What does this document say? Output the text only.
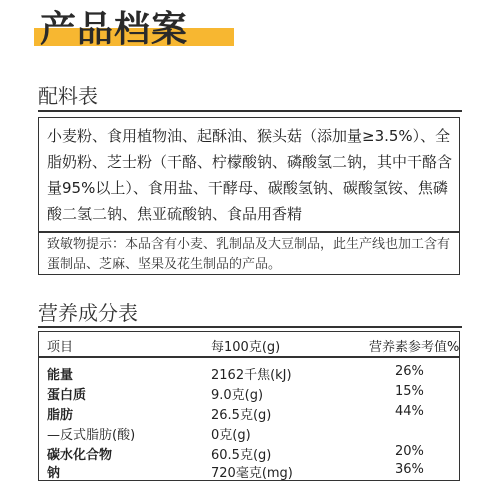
产品档案
配料表
小麦粉、食用植物油、起酥油、猴头菇（添加量≥3.5%）、全脂奶粉、芝士粉（干酪、柠檬酸钠、磷酸氢二钠，其中干酪含量95%以上）、食用盐、干酵母、碳酸氢钠、碳酸氢铵、焦磷酸二氢二钠、焦亚硫酸钠、食品用香精
致敏物提示：本品含有小麦、乳制品及大豆制品，此生产线也加工含有蛋制品、芝麻、坚果及花生制品的产品。
营养成分表
项目	每100克(g)	营养素参考值%
能量	2162千焦(kJ)	26%
蛋白质	9.0克(g)	15%
脂肪	26.5克(g)	44%
—反式脂肪(酸)	0克(g)
碳水化合物	60.5克(g)	20%
钠	720毫克(mg)	36%
